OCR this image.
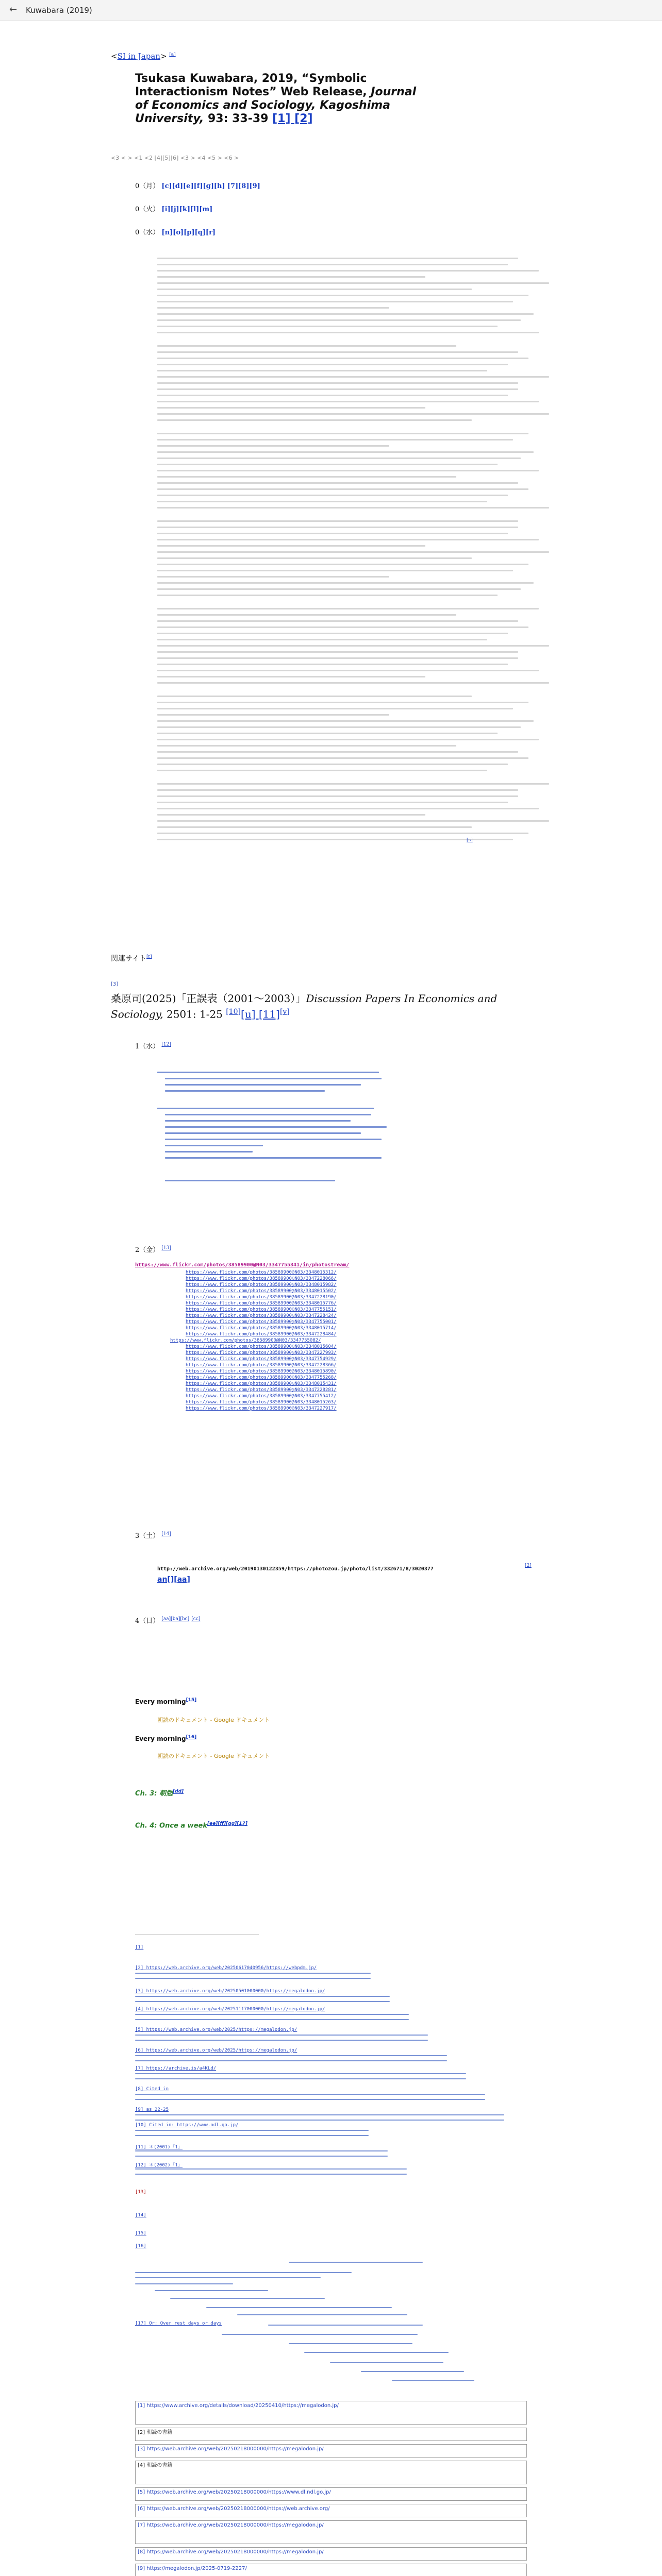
← Kuwabara (2019)
<SI in Japan> [a]
Tsukasa Kuwabara, 2019, “Symbolic Interactionism Notes” Web Release, Journal of Economics and Sociology, Kagoshima University, 93: 33-39 [1] [2]
<3 < > <1 <2 [4][5][6] <3 > <4 <5 > <6 >
0（月） [c][d][e][f][g][h] [7][8][9]
0（火） [i][j][k][l][m]
0（水） [n][o][p][q][r]
[s]
関連サイト[t]
[3]
桑原司(2025)「正誤表（2001〜2003）」Discussion Papers In Economics and Sociology, 2501: 1-25 [10][u] [11][v]
1（水） [12]
2（金） [13]
https://www.flickr.com/photos/38589900@N03/3347755341/in/photostream/
https://www.flickr.com/photos/38589900@N03/3348015312/
https://www.flickr.com/photos/38589900@N03/3347228066/
https://www.flickr.com/photos/38589900@N03/3348015982/
https://www.flickr.com/photos/38589900@N03/3348015502/
https://www.flickr.com/photos/38589900@N03/3347228190/
https://www.flickr.com/photos/38589900@N03/3348015776/
https://www.flickr.com/photos/38589900@N03/3347755151/
https://www.flickr.com/photos/38589900@N03/3347228424/
https://www.flickr.com/photos/38589900@N03/3347755001/
https://www.flickr.com/photos/38589900@N03/3348015714/
https://www.flickr.com/photos/38589900@N03/3347228484/
https://www.flickr.com/photos/38589900@N03/3347755082/
https://www.flickr.com/photos/38589900@N03/3348015604/
https://www.flickr.com/photos/38589900@N03/3347227993/
https://www.flickr.com/photos/38589900@N03/3347754929/
https://www.flickr.com/photos/38589900@N03/3347228366/
https://www.flickr.com/photos/38589900@N03/3348015890/
https://www.flickr.com/photos/38589900@N03/3347755268/
https://www.flickr.com/photos/38589900@N03/3348015431/
https://www.flickr.com/photos/38589900@N03/3347228281/
https://www.flickr.com/photos/38589900@N03/3347755412/
https://www.flickr.com/photos/38589900@N03/3348015263/
https://www.flickr.com/photos/38589900@N03/3347227917/
3（土） [14]
http://web.archive.org/web/20190130122359/https://photozou.jp/photo/list/332671/8/3020377
[2]
an[][aa]
4（日） [aa][ba][bc] [cc]
Every morning[15]
朝読のドキュメント - Google ドキュメント
Every morning[16]
朝読のドキュメント - Google ドキュメント
Ch. 3: 朝勉[dd]
Ch. 4: Once a week[ee][ff][gg][17]
[1]
[2] https://web.archive.org/web/20250617040956/https://webpdm.jp/
[3] https://web.archive.org/web/20250501000000/https://megalodon.jp/
[4] https://web.archive.org/web/20251117000000/https://megalodon.jp/
[5] https://web.archive.org/web/2025/https://megalodon.jp/
[6] https://web.archive.org/web/2025/https://megalodon.jp/
[7] https://archive.is/a4KLd/
[8] Cited in
[9] as 22-25
[10] Cited in: https://www.ndl.go.jp/
[11] ＊(2001)「1」
[12] ＊(2002)「1」
[13]
[14]
[15]
[16]
[17] Or: Over rest days or days
[1] https://www.archive.org/details/download/20250410/https://megalodon.jp/
[2] 朝読の書籍
[3] https://web.archive.org/web/20250218000000/https://megalodon.jp/
[4] 朝読の書籍
[5] https://web.archive.org/web/20250218000000/https://www.dl.ndl.go.jp/
[6] https://web.archive.org/web/20250218000000/https://web.archive.org/
[7] https://web.archive.org/web/20250218000000/https://megalodon.jp/
[8] https://web.archive.org/web/20250218000000/https://megalodon.jp/
[9] https://megalodon.jp/2025-0719-2227/
